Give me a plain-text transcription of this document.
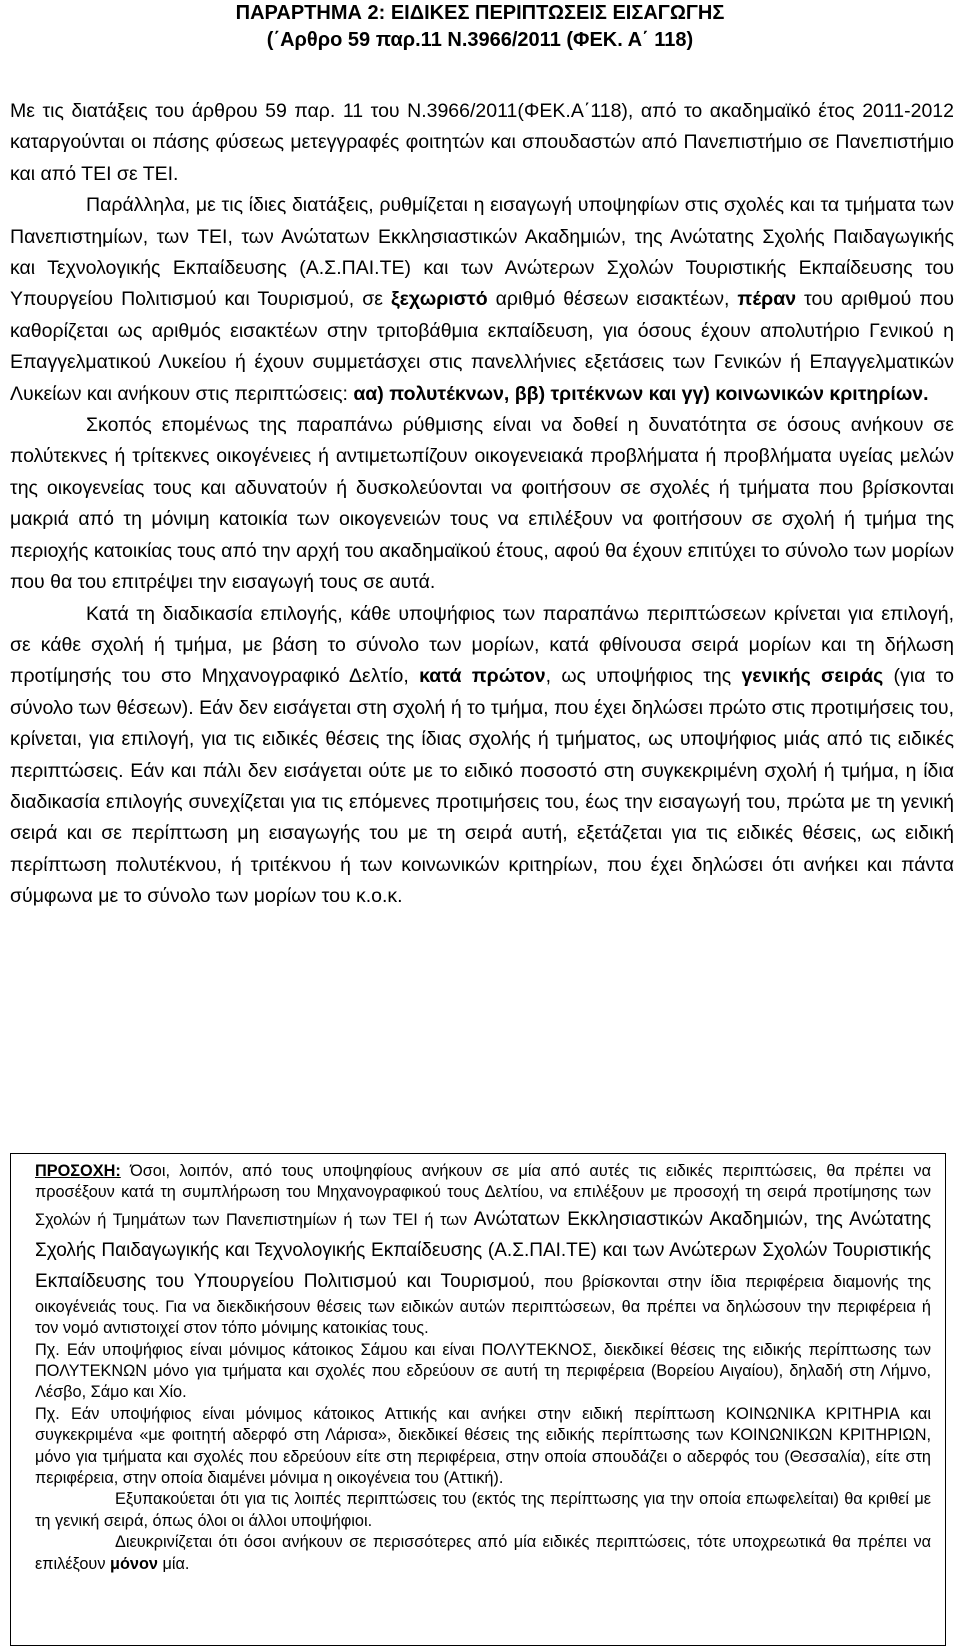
ΠΑΡΑΡΤΗΜΑ 2: ΕΙΔΙΚΕΣ ΠΕΡΙΠΤΩΣΕΙΣ ΕΙΣΑΓΩΓΗΣ
(΄Αρθρο 59 παρ.11 Ν.3966/2011 (ΦΕΚ. Α΄ 118)

Με τις διατάξεις του άρθρου 59 παρ. 11 του Ν.3966/2011(ΦΕΚ.Α΄118), από το ακαδημαϊκό έτος 2011-2012 καταργούνται οι πάσης φύσεως μετεγγραφές φοιτητών και σπουδαστών από Πανεπιστήμιο σε Πανεπιστήμιο και από ΤΕΙ σε ΤΕΙ.

Παράλληλα, με τις ίδιες διατάξεις, ρυθμίζεται η εισαγωγή υποψηφίων στις σχολές και τα τμήματα των Πανεπιστημίων, των ΤΕΙ, των Ανώτατων Εκκλησιαστικών Ακαδημιών, της Ανώτατης Σχολής Παιδαγωγικής και Τεχνολογικής Εκπαίδευσης (Α.Σ.ΠΑΙ.ΤΕ) και των Ανώτερων Σχολών Τουριστικής Εκπαίδευσης του Υπουργείου Πολιτισμού και Τουρισμού, σε ξεχωριστό αριθμό θέσεων εισακτέων, πέραν του αριθμού που καθορίζεται ως αριθμός εισακτέων στην τριτοβάθμια εκπαίδευση, για όσους έχουν απολυτήριο Γενικού η Επαγγελματικού Λυκείου ή έχουν συμμετάσχει στις πανελλήνιες εξετάσεις των Γενικών ή Επαγγελματικών Λυκείων και ανήκουν στις περιπτώσεις: αα) πολυτέκνων, ββ) τριτέκνων και γγ) κοινωνικών κριτηρίων.

Σκοπός επομένως της παραπάνω ρύθμισης είναι να δοθεί η δυνατότητα σε όσους ανήκουν σε πολύτεκνες ή τρίτεκνες οικογένειες ή αντιμετωπίζουν οικογενειακά προβλήματα ή προβλήματα υγείας μελών της οικογενείας τους και αδυνατούν ή δυσκολεύονται να φοιτήσουν σε σχολές ή τμήματα που βρίσκονται μακριά από τη μόνιμη κατοικία των οικογενειών τους να επιλέξουν να φοιτήσουν σε σχολή ή τμήμα της περιοχής κατοικίας τους από την αρχή του ακαδημαϊκού έτους, αφού θα έχουν επιτύχει το σύνολο των μορίων που θα του επιτρέψει την εισαγωγή τους σε αυτά.

Κατά τη διαδικασία επιλογής, κάθε υποψήφιος των παραπάνω περιπτώσεων κρίνεται για επιλογή, σε κάθε σχολή ή τμήμα, με βάση το σύνολο των μορίων, κατά φθίνουσα σειρά μορίων και τη δήλωση προτίμησής του στο Μηχανογραφικό Δελτίο, κατά πρώτον, ως υποψήφιος της γενικής σειράς (για το σύνολο των θέσεων). Εάν δεν εισάγεται στη σχολή ή το τμήμα, που έχει δηλώσει πρώτο στις προτιμήσεις του, κρίνεται, για επιλογή, για τις ειδικές θέσεις της ίδιας σχολής ή τμήματος, ως υποψήφιος μιάς από τις ειδικές περιπτώσεις. Εάν και πάλι δεν εισάγεται ούτε με το ειδικό ποσοστό στη συγκεκριμένη σχολή ή τμήμα, η ίδια διαδικασία επιλογής συνεχίζεται για τις επόμενες προτιμήσεις του, έως την εισαγωγή του, πρώτα με τη γενική σειρά και σε περίπτωση μη εισαγωγής του με τη σειρά αυτή, εξετάζεται για τις ειδικές θέσεις, ως ειδική περίπτωση πολυτέκνου, ή τριτέκνου ή των κοινωνικών κριτηρίων, που έχει δηλώσει ότι ανήκει και πάντα σύμφωνα με το σύνολο των μορίων του κ.ο.κ.

ΠΡΟΣΟΧΗ: Όσοι, λοιπόν, από τους υποψηφίους ανήκουν σε μία από αυτές τις ειδικές περιπτώσεις, θα πρέπει να προσέξουν κατά τη συμπλήρωση του Μηχανογραφικού τους Δελτίου, να επιλέξουν με προσοχή τη σειρά προτίμησης των Σχολών ή Τμημάτων των Πανεπιστημίων ή των ΤΕΙ ή των Ανώτατων Εκκλησιαστικών Ακαδημιών, της Ανώτατης Σχολής Παιδαγωγικής και Τεχνολογικής Εκπαίδευσης (Α.Σ.ΠΑΙ.ΤΕ) και των Ανώτερων Σχολών Τουριστικής Εκπαίδευσης του Υπουργείου Πολιτισμού και Τουρισμού, που βρίσκονται στην ίδια περιφέρεια διαμονής της οικογένειάς τους. Για να διεκδικήσουν θέσεις των ειδικών αυτών περιπτώσεων, θα πρέπει να δηλώσουν την περιφέρεια ή τον νομό αντιστοιχεί στον τόπο μόνιμης κατοικίας τους.

Πχ. Εάν υποψήφιος είναι μόνιμος κάτοικος Σάμου και είναι ΠΟΛΥΤΕΚΝΟΣ, διεκδικεί θέσεις της ειδικής περίπτωσης των ΠΟΛΥΤΕΚΝΩΝ μόνο για τμήματα και σχολές που εδρεύουν σε αυτή τη περιφέρεια (Βορείου Αιγαίου), δηλαδή στη Λήμνο, Λέσβο, Σάμο και Χίο.

Πχ. Εάν υποψήφιος είναι μόνιμος κάτοικος Αττικής και ανήκει στην ειδική περίπτωση ΚΟΙΝΩΝΙΚΑ ΚΡΙΤΗΡΙΑ και συγκεκριμένα «με φοιτητή αδερφό στη Λάρισα», διεκδικεί θέσεις της ειδικής περίπτωσης των ΚΟΙΝΩΝΙΚΩΝ ΚΡΙΤΗΡΙΩΝ, μόνο για τμήματα και σχολές που εδρεύουν είτε στη περιφέρεια, στην οποία σπουδάζει ο αδερφός του (Θεσσαλία), είτε στη περιφέρεια, στην οποία διαμένει μόνιμα η οικογένεια του (Αττική).

Εξυπακούεται ότι για τις λοιπές περιπτώσεις του (εκτός της περίπτωσης για την οποία επωφελείται) θα κριθεί με τη γενική σειρά, όπως όλοι οι άλλοι υποψήφιοι.

Διευκρινίζεται ότι όσοι ανήκουν σε περισσότερες από μία ειδικές περιπτώσεις, τότε υποχρεωτικά θα πρέπει να επιλέξουν μόνον μία.
